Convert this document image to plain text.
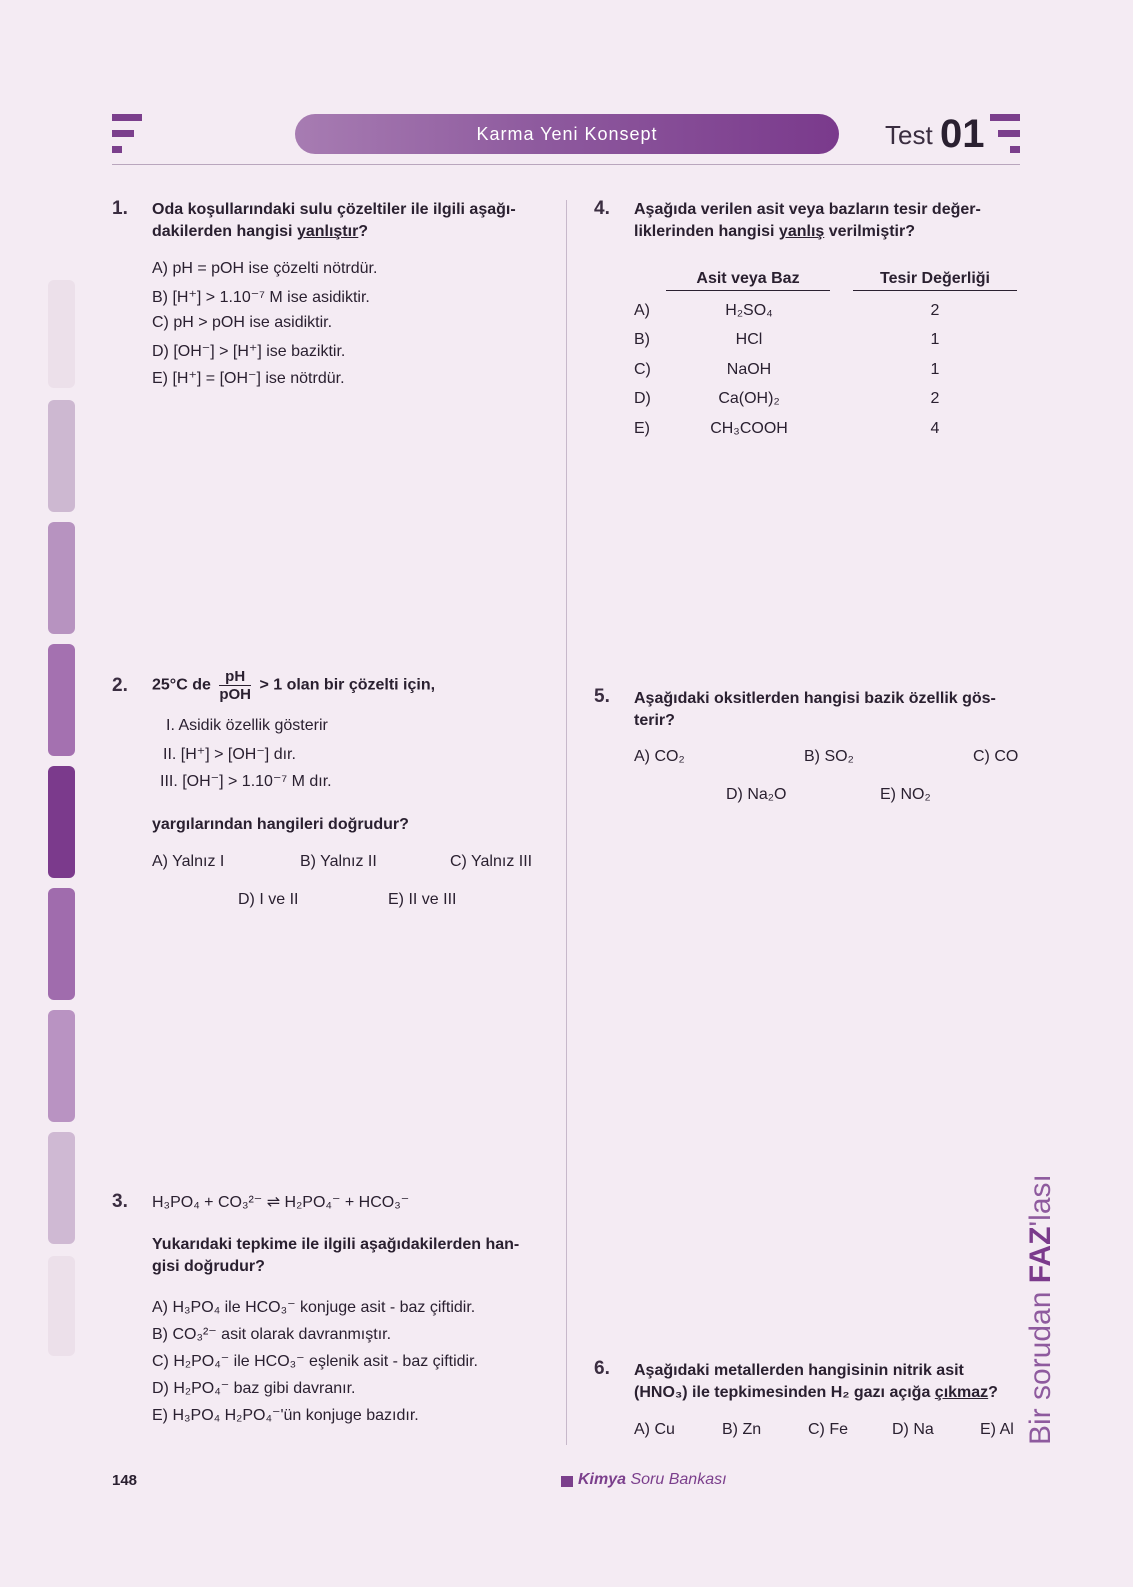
Karma Yeni Konsept	Test 01
1. Oda koşullarındaki sulu çözeltiler ile ilgili aşağı-
dakilerden hangisi yanlıştır?
A) pH = pOH ise çözelti nötrdür.
B) [H⁺] > 1.10⁻⁷ M ise asidiktir.
C) pH > pOH ise asidiktir.
D) [OH⁻] > [H⁺] ise baziktir.
E) [H⁺] = [OH⁻] ise nötrdür.
2. 25°C de $\frac{pH}{\text{pOH}} > 1$ olan bir çözelti için,
I. Asidik özellik gösterir
II. [H⁺] > [OH⁻] dır.
III. [OH⁻] > 1.10⁻⁷ M dır.
yargılarından hangileri doğrudur?
A) Yalnız I	B) Yalnız II	C) Yalnız III
D) I ve II	E) II ve III
3. H₃PO₄ + CO₃²⁻ ⇌ H₂PO₄⁻ + HCO₃⁻
Yukarıdaki tepkime ile ilgili aşağıdakilerden han-
gisi doğrudur?
A) H₃PO₄ ile HCO₃⁻ konjuge asit - baz çiftidir.
B) CO₃²⁻ asit olarak davranmıştır.
C) H₂PO₄⁻ ile HCO₃⁻ eşlenik asit - baz çiftidir.
D) H₂PO₄⁻ baz gibi davranır.
E) H₃PO₄ H₂PO₄⁻'ün konjuge bazıdır.
4. Aşağıda verilen asit veya bazların tesir değer-
liklerinden hangisi yanlış verilmiştir?
Asit veya Baz	Tesir Değerliği
A)	H₂SO₄	2
B)	HCl	1
C)	NaOH	1
D)	Ca(OH)₂	2
E)	CH₃COOH	4
5. Aşağıdaki oksitlerden hangisi bazik özellik gös-
terir?
A) CO₂	B) SO₂	C) CO
D) Na₂O	E) NO₂
6. Aşağıdaki metallerden hangisinin nitrik asit
(HNO₃) ile tepkimesinden H₂ gazı açığa çıkmaz?
A) Cu	B) Zn	C) Fe	D) Na	E) Al
148	Kimya Soru Bankası
Bir sorudan FAZ'lası
